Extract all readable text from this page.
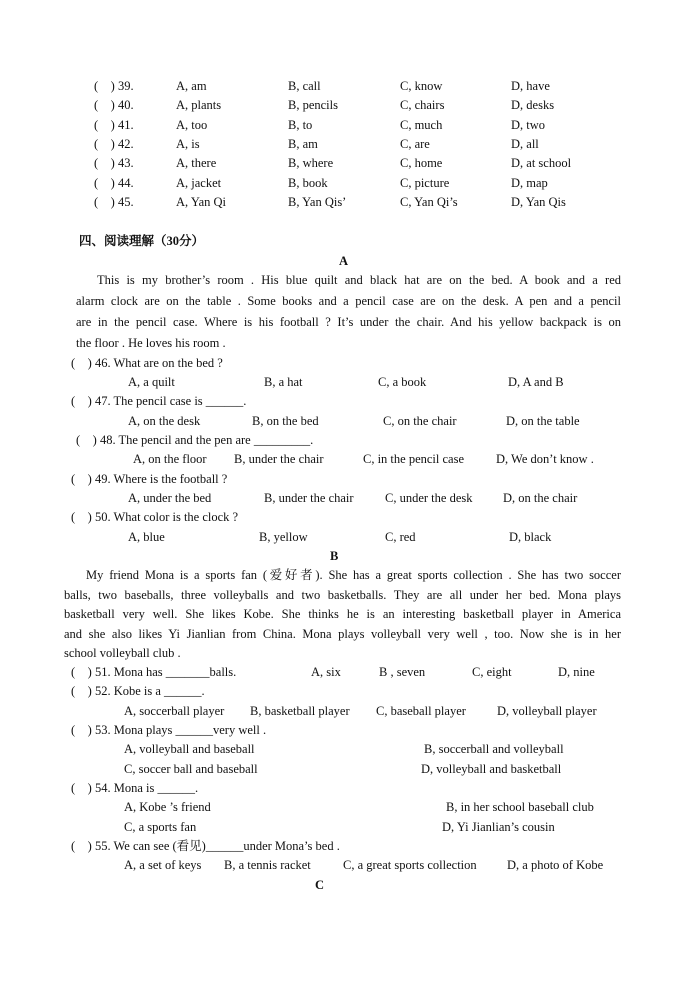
(　) 39.	A, am	B, call	C, know	D, have
(　) 40.	A, plants	B, pencils	C, chairs	D, desks
(　) 41.	A, too	B, to	C, much	D, two
(　) 42.	A, is	B, am	C, are	D, all
(　) 43.	A, there	B, where	C, home	D, at school
(　) 44.	A, jacket	B, book	C, picture	D, map
(　) 45.	A, Yan Qi	B, Yan Qis’	C, Yan Qi’s	D, Yan Qis
四、阅读理解（30分）
A
This is my brother’s room . His blue quilt and black hat are on the bed. A book and a red
alarm clock are on the table . Some books and a pencil case are on the desk. A pen and a pencil
are in the pencil case. Where is his football ? It’s under the chair. And his yellow backpack is on
the floor . He loves his room .
(　) 46. What are on the bed ?
A, a quilt	B, a hat	C, a book	D, A and B
(　) 47. The pencil case is ______.
A, on the desk	B, on the bed	C, on the chair	D, on the table
(　) 48. The pencil and the pen are _________.
A, on the floor B, under the chair	C, in the pencil case	D, We don’t know .
(　) 49. Where is the football ?
A, under the bed	B, under the chair	C, under the desk D, on the chair
(　) 50. What color is the clock ?
A, blue	B, yellow	C, red	D, black
B
My friend Mona is a sports fan (爱好者). She has a great sports collection . She has two soccer
balls, two baseballs, three volleyballs and two basketballs. They are all under her bed. Mona plays
basketball very well. She likes Kobe. She thinks he is an interesting basketball player in America
and she also likes Yi Jianlian from China. Mona plays volleyball very well , too. Now she is in her
school volleyball club .
(　) 51. Mona has _______balls.	A, six	B , seven	C, eight	D, nine
(　) 52. Kobe is a ______.
A, soccerball player B, basketball player C, baseball player D, volleyball player
(　) 53. Mona plays ______very well .
A, volleyball and baseball	B, soccerball and volleyball
C, soccer ball and baseball	D, volleyball and basketball
(　) 54. Mona is ______.
A, Kobe ’s friend	B, in her school baseball club
C, a sports fan	D, Yi Jianlian’s cousin
(　) 55. We can see (看见)______under Mona’s bed .
A, a set of keys B, a tennis racket	C, a great sports collection D, a photo of Kobe
C
